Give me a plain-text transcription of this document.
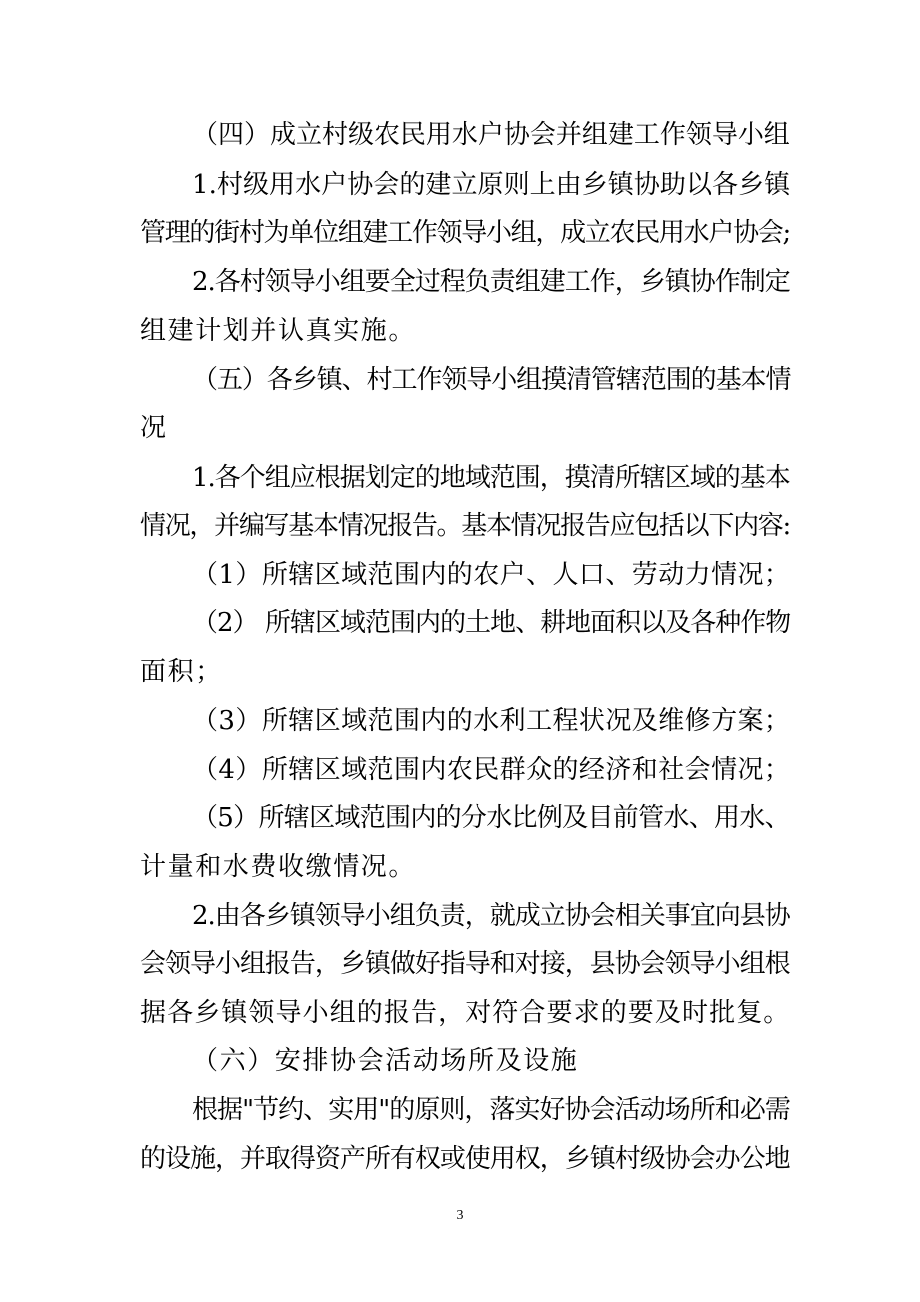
（四）成立村级农民用水户协会并组建工作领导小组
1.村级用水户协会的建立原则上由乡镇协助以各乡镇
管理的街村为单位组建工作领导小组，成立农民用水户协会;
2.各村领导小组要全过程负责组建工作，乡镇协作制定
组建计划并认真实施。
（五）各乡镇、村工作领导小组摸清管辖范围的基本情
况
1.各个组应根据划定的地域范围，摸清所辖区域的基本
情况，并编写基本情况报告。基本情况报告应包括以下内容:
（1）所辖区域范围内的农户、人口、劳动力情况；
（2） 所辖区域范围内的土地、耕地面积以及各种作物
面积；
（3）所辖区域范围内的水利工程状况及维修方案；
（4）所辖区域范围内农民群众的经济和社会情况；
（5）所辖区域范围内的分水比例及目前管水、用水、
计量和水费收缴情况。
2.由各乡镇领导小组负责，就成立协会相关事宜向县协
会领导小组报告，乡镇做好指导和对接，县协会领导小组根
据各乡镇领导小组的报告，对符合要求的要及时批复。
（六）安排协会活动场所及设施
根据"节约、实用"的原则，落实好协会活动场所和必需
的设施，并取得资产所有权或使用权，乡镇村级协会办公地
3
